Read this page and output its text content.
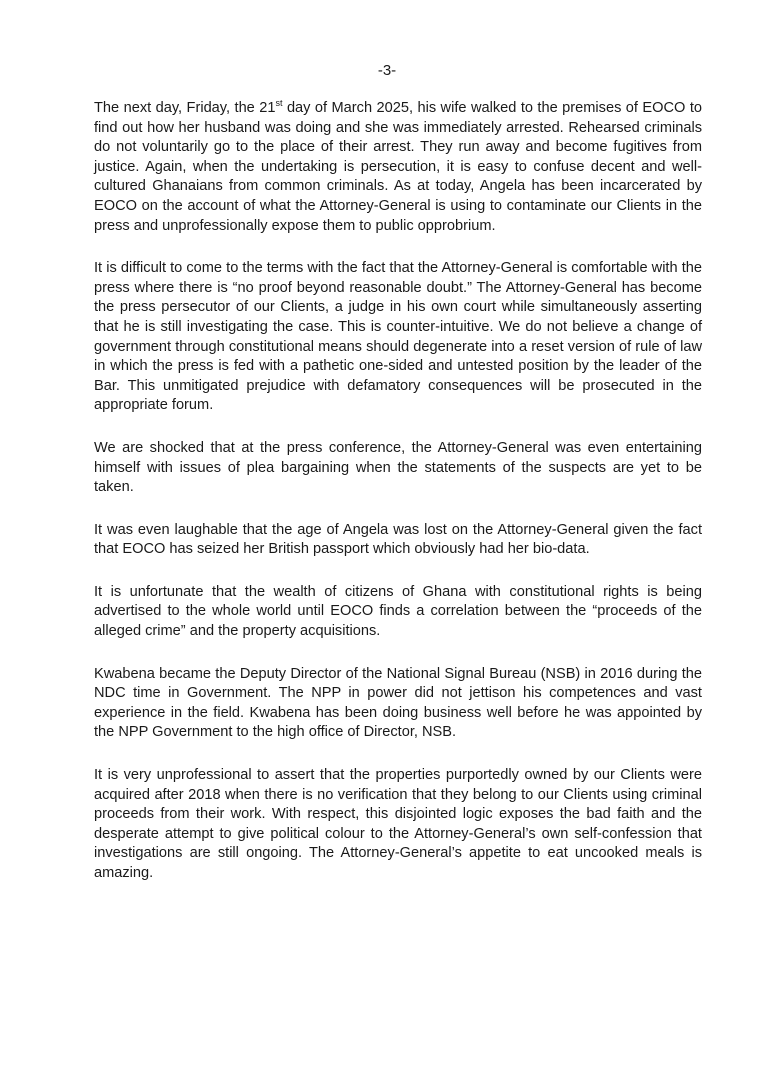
-3-

The next day, Friday, the 21st day of March 2025, his wife walked to the premises of EOCO to find out how her husband was doing and she was immediately arrested. Rehearsed criminals do not voluntarily go to the place of their arrest. They run away and become fugitives from justice. Again, when the undertaking is persecution, it is easy to confuse decent and well-cultured Ghanaians from common criminals. As at today, Angela has been incarcerated by EOCO on the account of what the Attorney-General is using to contaminate our Clients in the press and unprofessionally expose them to public opprobrium.

It is difficult to come to the terms with the fact that the Attorney-General is comfortable with the press where there is “no proof beyond reasonable doubt.” The Attorney-General has become the press persecutor of our Clients, a judge in his own court while simultaneously asserting that he is still investigating the case. This is counter-intuitive. We do not believe a change of government through constitutional means should degenerate into a reset version of rule of law in which the press is fed with a pathetic one-sided and untested position by the leader of the Bar. This unmitigated prejudice with defamatory consequences will be prosecuted in the appropriate forum.

We are shocked that at the press conference, the Attorney-General was even entertaining himself with issues of plea bargaining when the statements of the suspects are yet to be taken.

It was even laughable that the age of Angela was lost on the Attorney-General given the fact that EOCO has seized her British passport which obviously had her bio-data.

It is unfortunate that the wealth of citizens of Ghana with constitutional rights is being advertised to the whole world until EOCO finds a correlation between the “proceeds of the alleged crime” and the property acquisitions.

Kwabena became the Deputy Director of the National Signal Bureau (NSB) in 2016 during the NDC time in Government. The NPP in power did not jettison his competences and vast experience in the field. Kwabena has been doing business well before he was appointed by the NPP Government to the high office of Director, NSB.

It is very unprofessional to assert that the properties purportedly owned by our Clients were acquired after 2018 when there is no verification that they belong to our Clients using criminal proceeds from their work. With respect, this disjointed logic exposes the bad faith and the desperate attempt to give political colour to the Attorney-General’s own self-confession that investigations are still ongoing. The Attorney-General’s appetite to eat uncooked meals is amazing.
